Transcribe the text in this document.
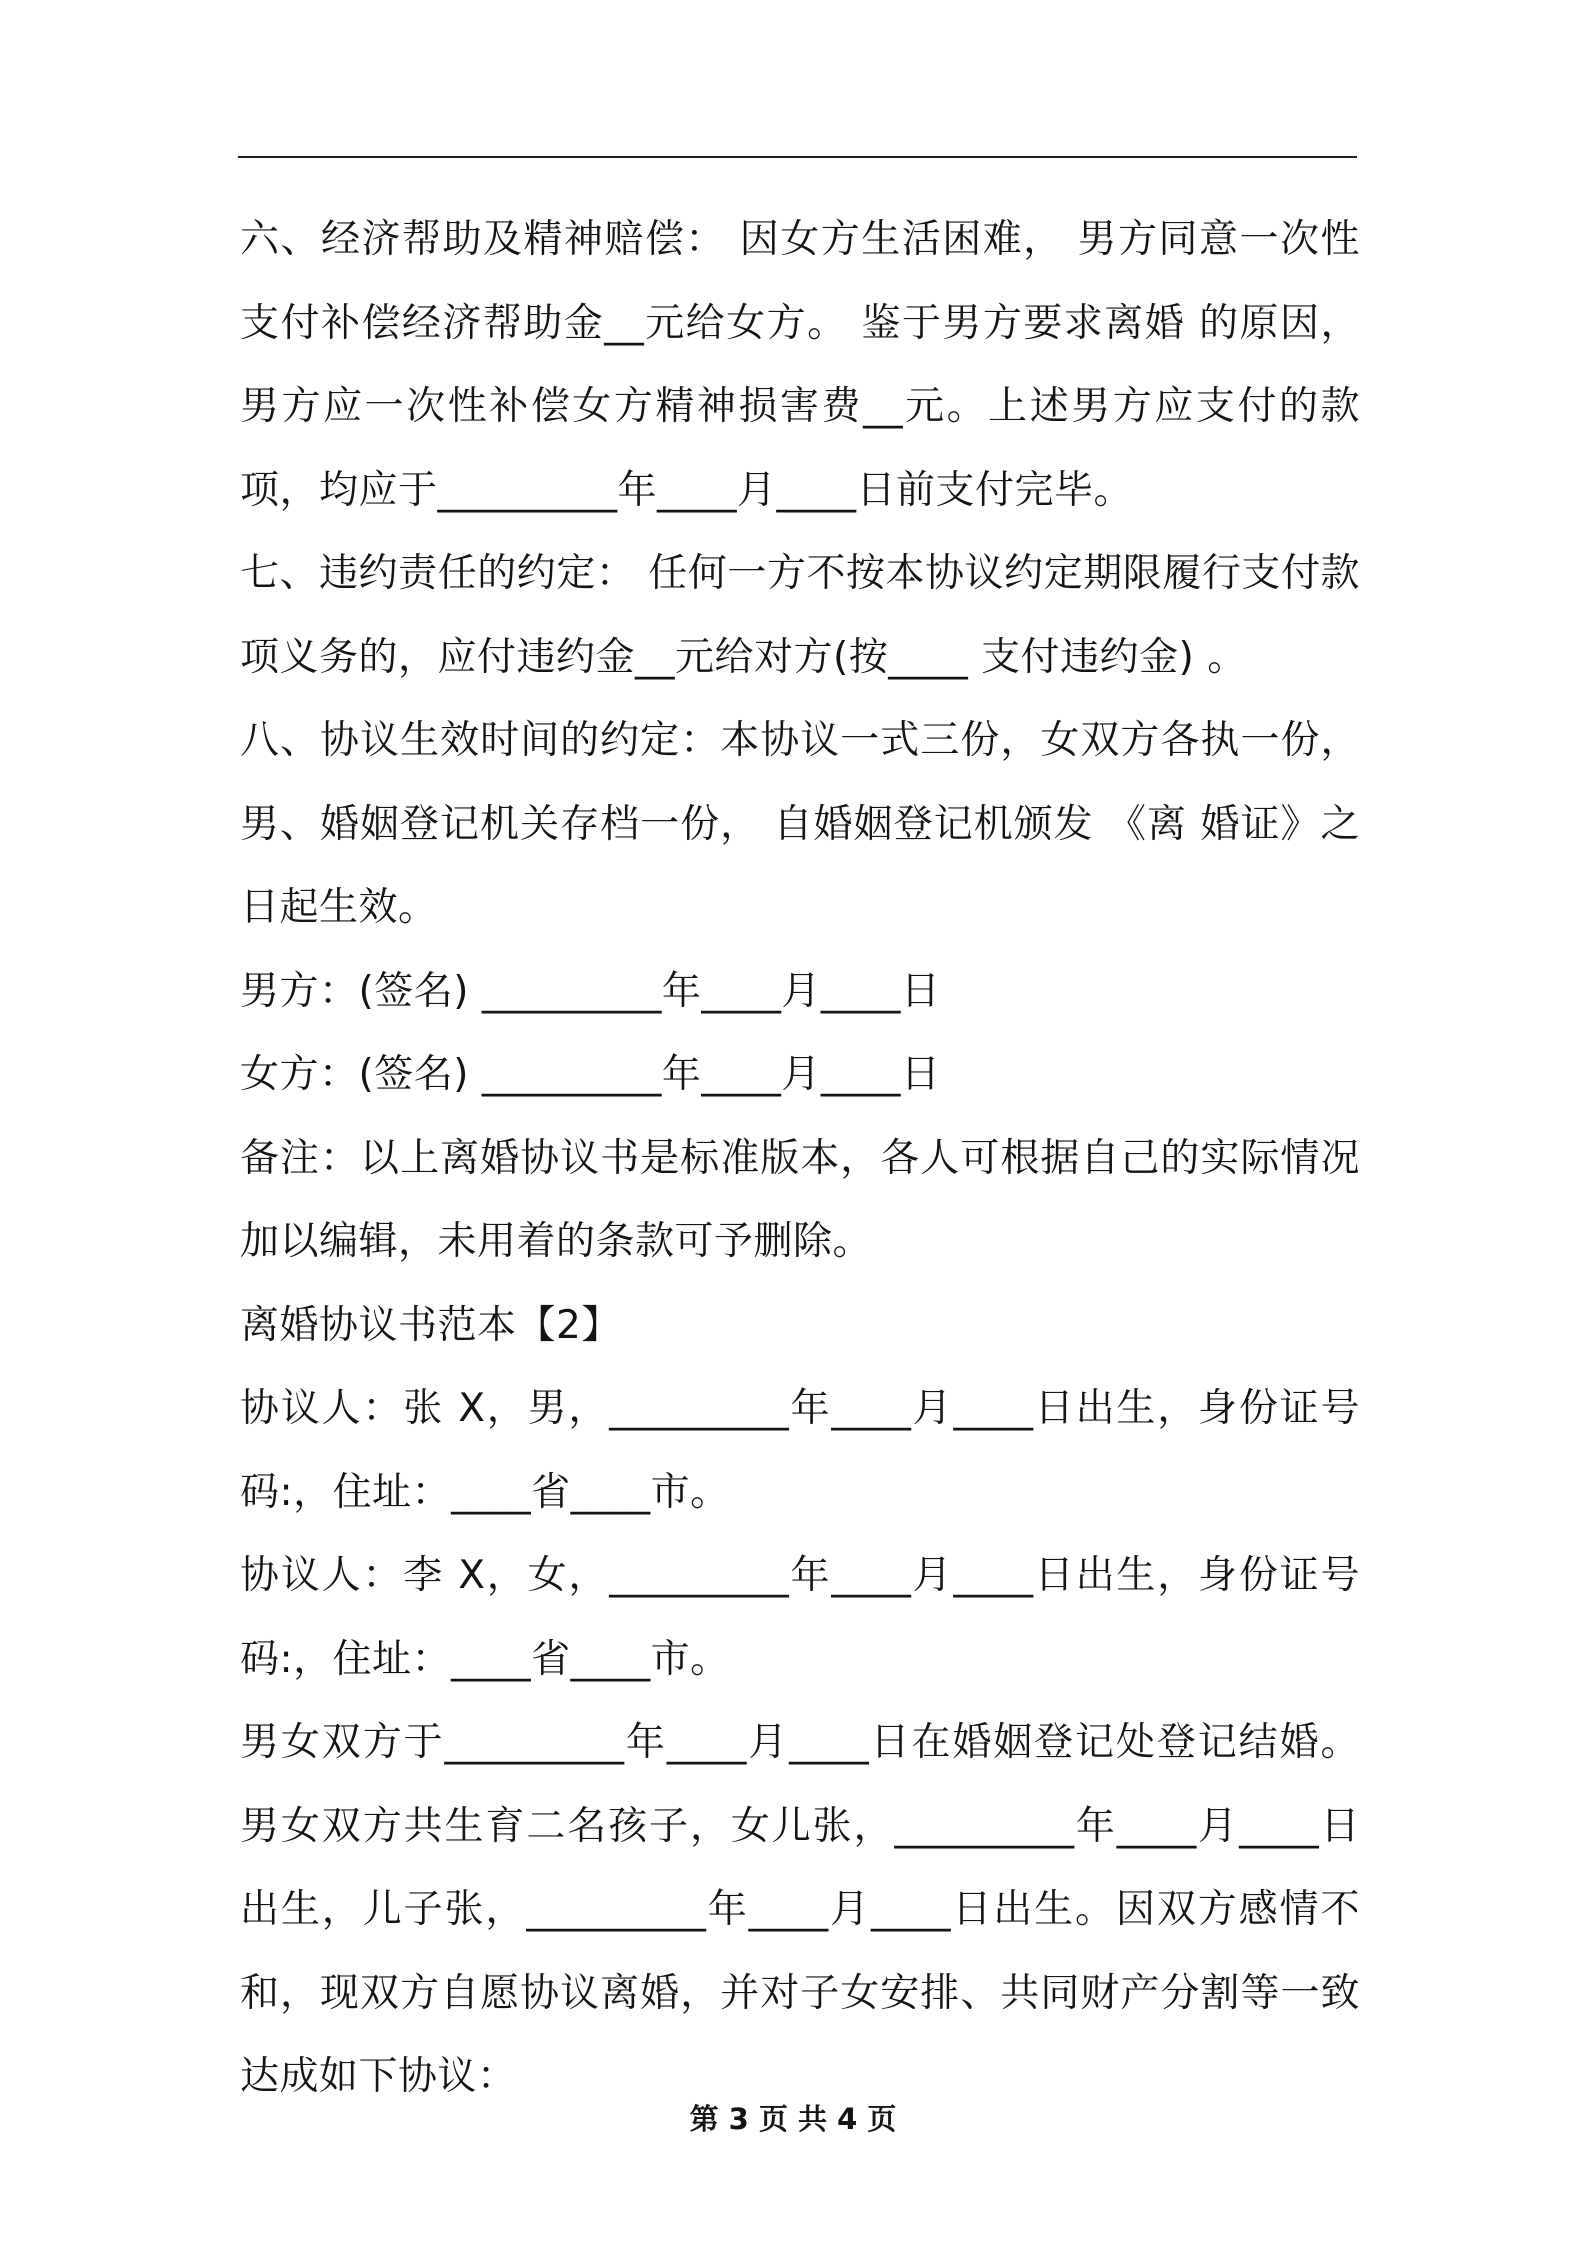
六、经济帮助及精神赔偿： 因女方生活困难， 男方同意一次性支付补偿经济帮助金__元给女方。 鉴于男方要求离婚 的原因，男方应一次性补偿女方精神损害费__元。上述男方应支付的款项，均应于_________年____月____日前支付完毕。

七、违约责任的约定： 任何一方不按本协议约定期限履行支付款项义务的，应付违约金__元给对方(按____ 支付违约金) 。

八、协议生效时间的约定：本协议一式三份，女双方各执一份，男、婚姻登记机关存档一份， 自婚姻登记机颁发 《离 婚证》之日起生效。

男方：(签名) _________年____月____日

女方：(签名) _________年____月____日

备注：以上离婚协议书是标准版本，各人可根据自己的实际情况加以编辑，未用着的条款可予删除。

离婚协议书范本【2】

协议人：张 X，男，_________年____月____日出生，身份证号码:，住址：____省____市。

协议人：李 X，女，_________年____月____日出生，身份证号码:，住址：____省____市。

男女双方于_________年____月____日在婚姻登记处登记结婚。男女双方共生育二名孩子，女儿张，_________年____月____日出生，儿子张，_________年____月____日出生。因双方感情不和，现双方自愿协议离婚，并对子女安排、共同财产分割等一致达成如下协议：

第 3 页 共 4 页
